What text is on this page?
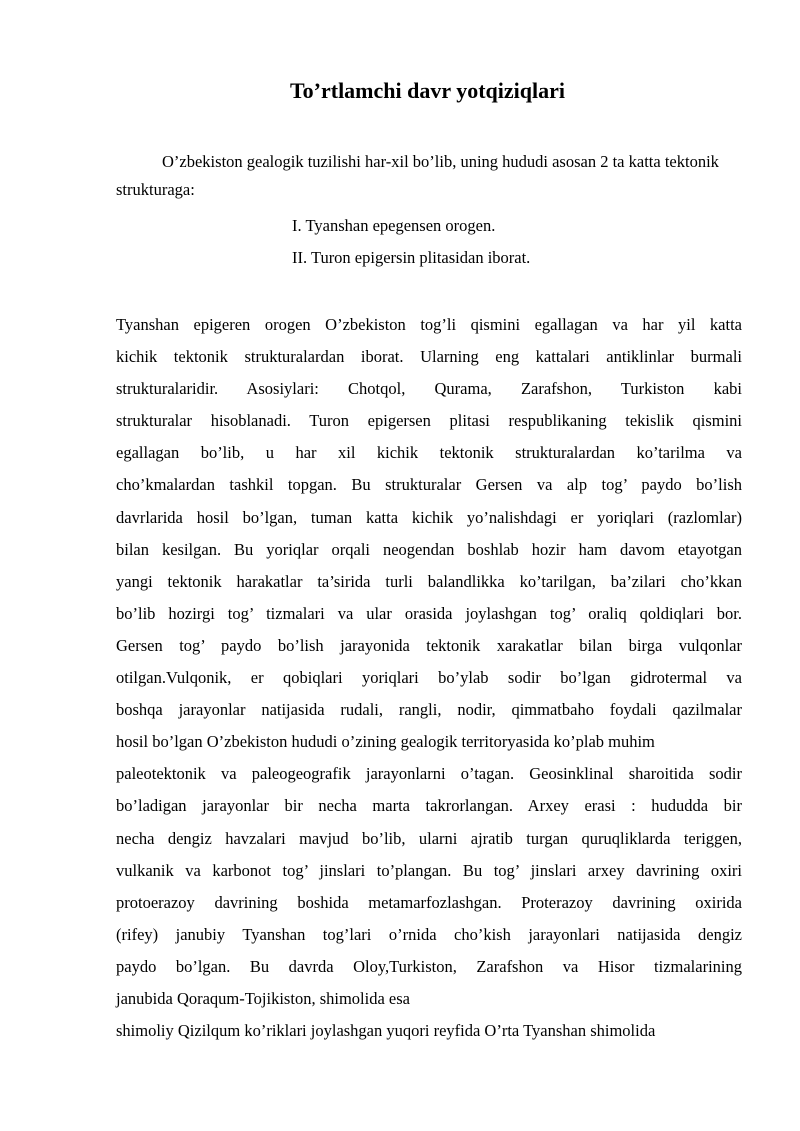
To’rtlamchi davr yotqiziqlari

O’zbekiston gealogik tuzilishi har-xil bo’lib, uning hududi asosan 2 ta katta tektonik strukturaga:

I. Tyanshan epegensen orogen.
II. Turon epigersin plitasidan iborat.
Tyanshan epigeren orogen O’zbekiston tog’li qismini egallagan va har yil katta
kichik tektonik strukturalardan iborat. Ularning eng kattalari antiklinlar burmali
strukturalaridir. Asosiylari: Chotqol, Qurama, Zarafshon, Turkiston kabi
strukturalar hisoblanadi. Turon epigersen plitasi respublikaning tekislik qismini
egallagan bo’lib, u har xil kichik tektonik strukturalardan ko’tarilma va
cho’kmalardan tashkil topgan. Bu strukturalar Gersen va alp tog’ paydo bo’lish
davrlarida hosil bo’lgan, tuman katta kichik yo’nalishdagi er yoriqlari (razlomlar)
bilan kesilgan. Bu yoriqlar orqali neogendan boshlab hozir ham davom etayotgan
yangi tektonik harakatlar ta’sirida turli balandlikka ko’tarilgan, ba’zilari cho’kkan
bo’lib hozirgi tog’ tizmalari va ular orasida joylashgan tog’ oraliq qoldiqlari bor.
Gersen tog’ paydo bo’lish jarayonida tektonik xarakatlar bilan birga vulqonlar
otilgan.Vulqonik, er qobiqlari yoriqlari bo’ylab sodir bo’lgan gidrotermal va
boshqa jarayonlar natijasida rudali, rangli, nodir, qimmatbaho foydali qazilmalar
hosil bo’lgan O’zbekiston hududi o’zining gealogik territoryasida ko’plab muhim
paleotektonik va paleogeografik jarayonlarni o’tagan. Geosinklinal sharoitida sodir
bo’ladigan jarayonlar bir necha marta takrorlangan. Arxey erasi : hududda bir
necha dengiz havzalari mavjud bo’lib, ularni ajratib turgan quruqliklarda teriggen,
vulkanik va karbonot tog’ jinslari to’plangan. Bu tog’ jinslari arxey davrining oxiri
protoerazoy davrining boshida metamarfozlashgan. Proterazoy davrining oxirida
(rifey) janubiy Tyanshan tog’lari o’rnida cho’kish jarayonlari natijasida dengiz
paydo bo’lgan. Bu davrda Oloy,Turkiston, Zarafshon va Hisor tizmalarining
janubida Qoraqum-Tojikiston, shimolida esa
shimoliy Qizilqum ko’riklari joylashgan yuqori reyfida O’rta Tyanshan shimolida
